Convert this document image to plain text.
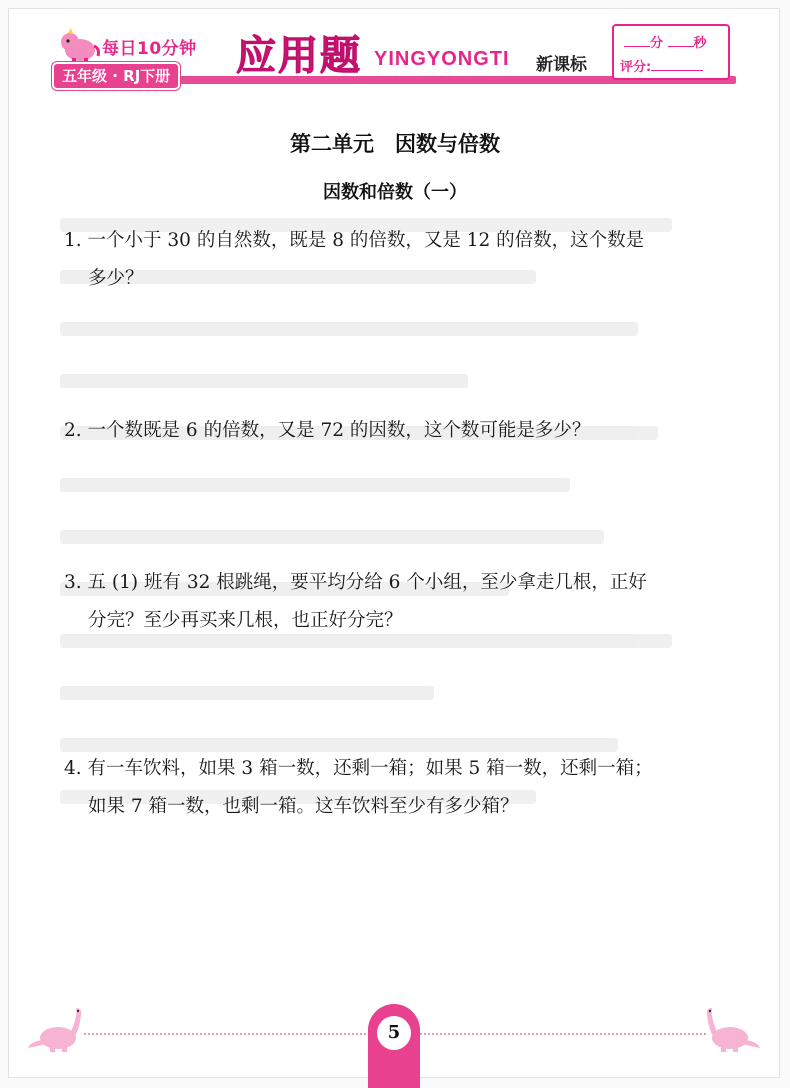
每日10分钟
五年级 · RJ下册 应用题 YINGYONGTI 新课标
分 秒
评分:
第二单元　因数与倍数
因数和倍数（一）
1. 一个小于 30 的自然数，既是 8 的倍数，又是 12 的倍数，这个数是
多少？
2. 一个数既是 6 的倍数，又是 72 的因数，这个数可能是多少？
3. 五 (1) 班有 32 根跳绳，要平均分给 6 个小组，至少拿走几根，正好
分完？至少再买来几根，也正好分完？
4. 有一车饮料，如果 3 箱一数，还剩一箱；如果 5 箱一数，还剩一箱；
如果 7 箱一数，也剩一箱。这车饮料至少有多少箱？
5
